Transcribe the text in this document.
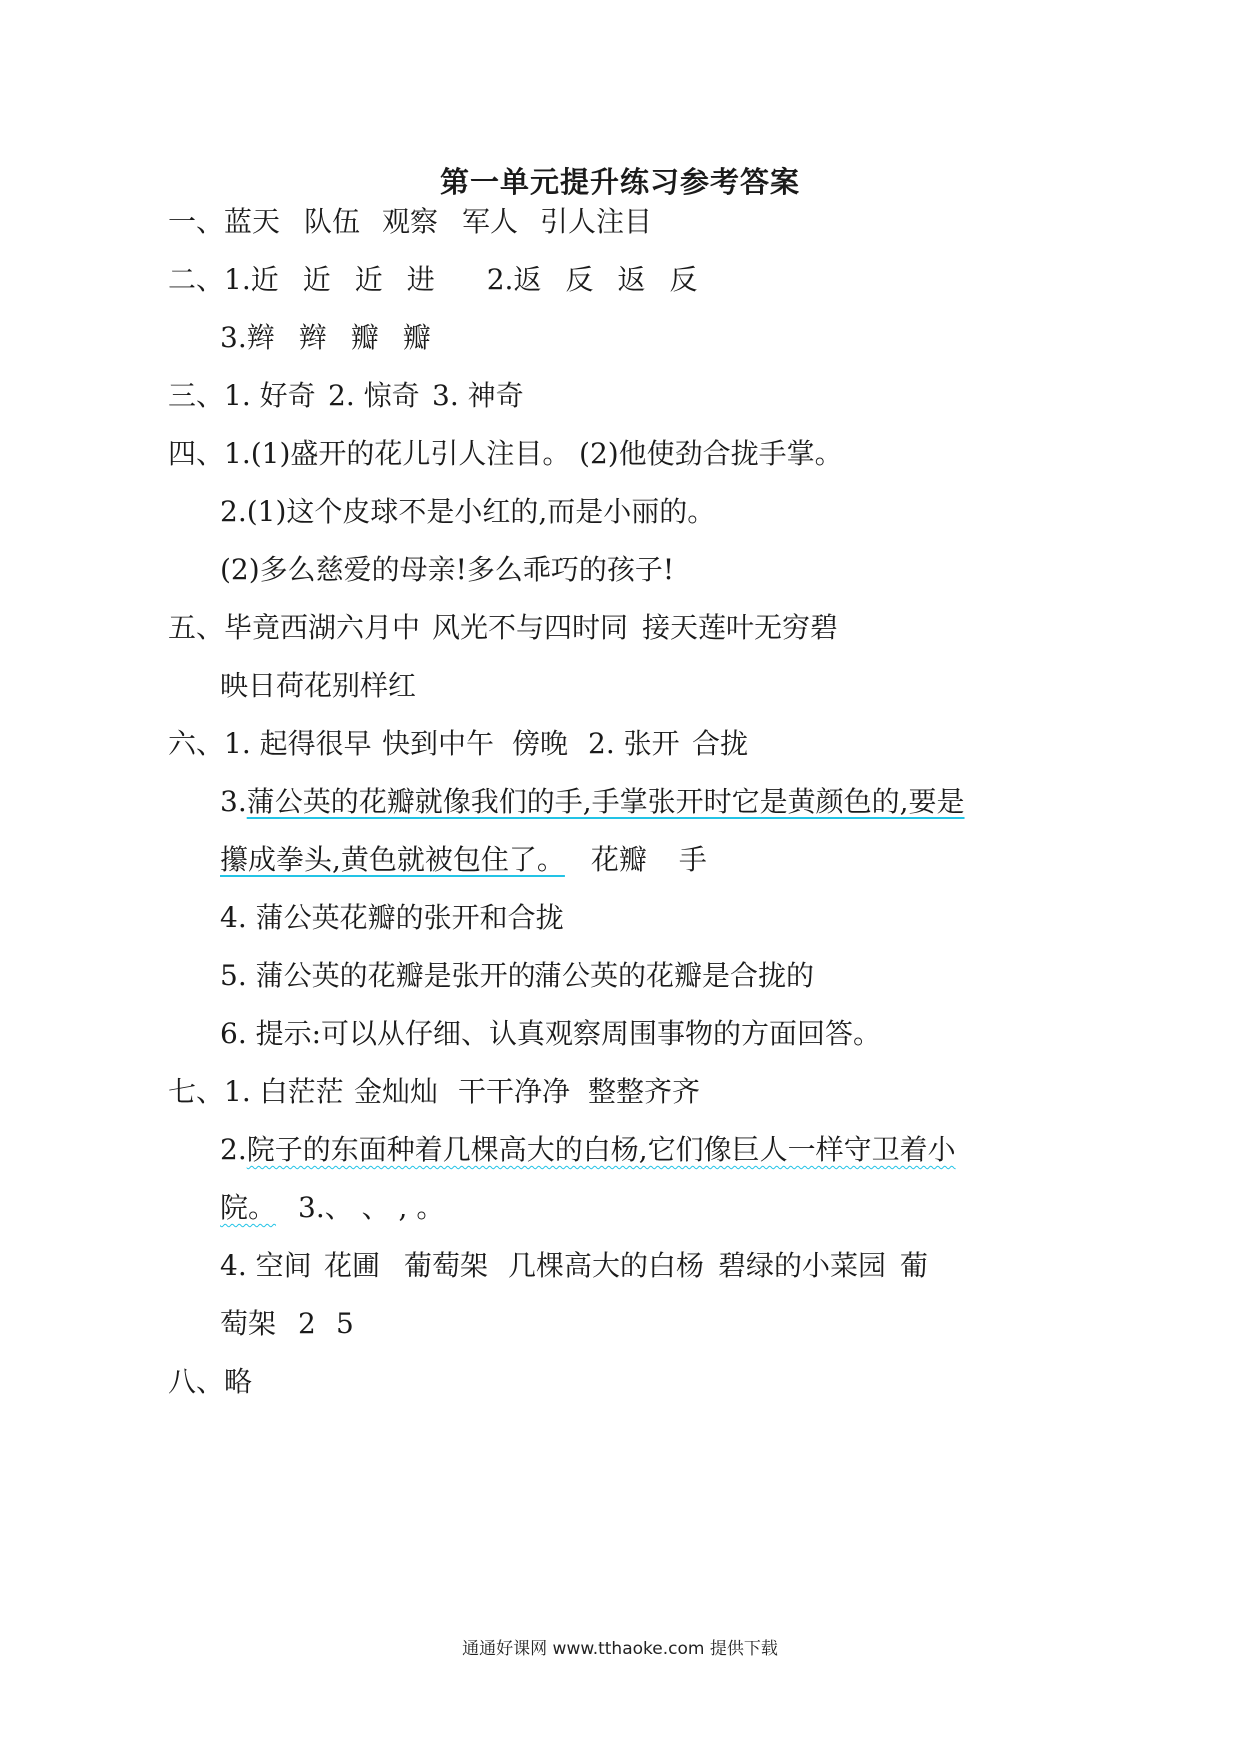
第一单元提升练习参考答案
一、蓝天 队伍 观察 军人 引人注目
二、1.近 近 近 进 2.返 反 返 反
3.辫 辫 瓣 瓣
三、1. 好奇 2. 惊奇 3. 神奇
四、1.(1)盛开的花儿引人注目。 (2)他使劲合拢手掌。
2.(1)这个皮球不是小红的,而是小丽的。
(2)多么慈爱的母亲!多么乖巧的孩子!
五、毕竟西湖六月中 风光不与四时同 接天莲叶无穷碧
映日荷花别样红
六、1. 起得很早 快到中午 傍晚 2. 张开 合拢
3.蒲公英的花瓣就像我们的手,手掌张开时它是黄颜色的,要是
攥成拳头,黄色就被包住了。 花瓣 手
4. 蒲公英花瓣的张开和合拢
5. 蒲公英的花瓣是张开的蒲公英的花瓣是合拢的
6. 提示:可以从仔细、认真观察周围事物的方面回答。
七、1. 白茫茫 金灿灿 干干净净 整整齐齐
2.院子的东面种着几棵高大的白杨,它们像巨人一样守卫着小
院。 3.、 、 , 。
4. 空间 花圃 葡萄架 几棵高大的白杨 碧绿的小菜园 葡
萄架 2 5
八、略
通通好课网 www.tthaoke.com 提供下载
